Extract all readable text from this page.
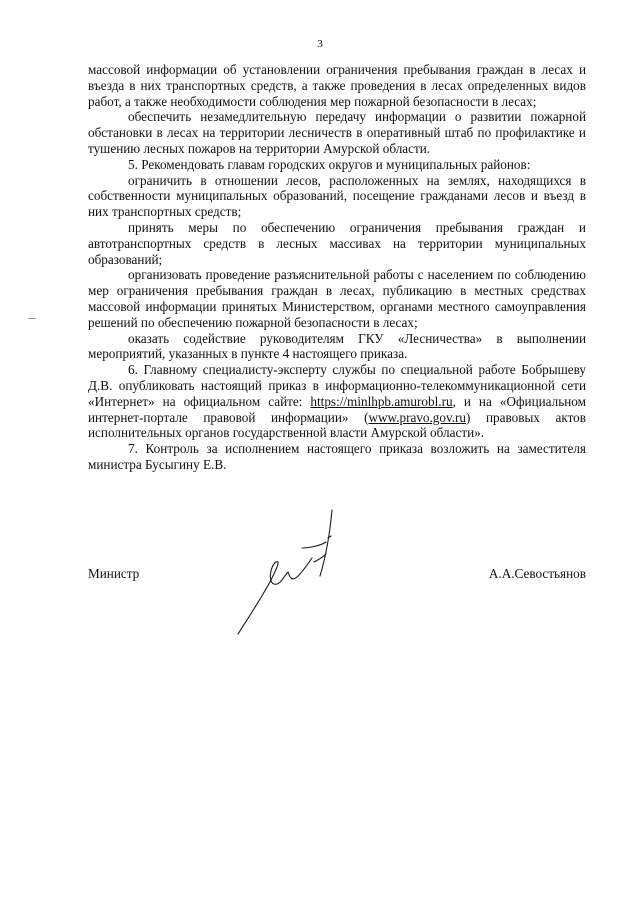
3

массовой информации об установлении ограничения пребывания граждан в лесах и въезда в них транспортных средств, а также проведения в лесах определенных видов работ, а также необходимости соблюдения мер пожарной безопасности в лесах;

обеспечить незамедлительную передачу информации о развитии пожарной обстановки в лесах на территории лесничеств в оперативный штаб по профилактике и тушению лесных пожаров на территории Амурской области.

5. Рекомендовать главам городских округов и муниципальных районов:

ограничить в отношении лесов, расположенных на землях, находящихся в собственности муниципальных образований, посещение гражданами лесов и въезд в них транспортных средств;

принять меры по обеспечению ограничения пребывания граждан и автотранспортных средств в лесных массивах на территории муниципальных образований;

организовать проведение разъяснительной работы с населением по соблюдению мер ограничения пребывания граждан в лесах, публикацию в местных средствах массовой информации принятых Министерством, органами местного самоуправления решений по обеспечению пожарной безопасности в лесах;

оказать содействие руководителям ГКУ «Лесничества» в выполнении мероприятий, указанных в пункте 4 настоящего приказа.

6. Главному специалисту-эксперту службы по специальной работе Бобрышеву Д.В. опубликовать настоящий приказ в информационно-телекоммуникационной сети «Интернет» на официальном сайте: https://minlhpb.amurobl.ru, и на «Официальном интернет-портале правовой информации» (www.pravo.gov.ru) правовых актов исполнительных органов государственной власти Амурской области».

7. Контроль за исполнением настоящего приказа возложить на заместителя министра Бусыгину Е.В.

Министр	А.А.Севостьянов
